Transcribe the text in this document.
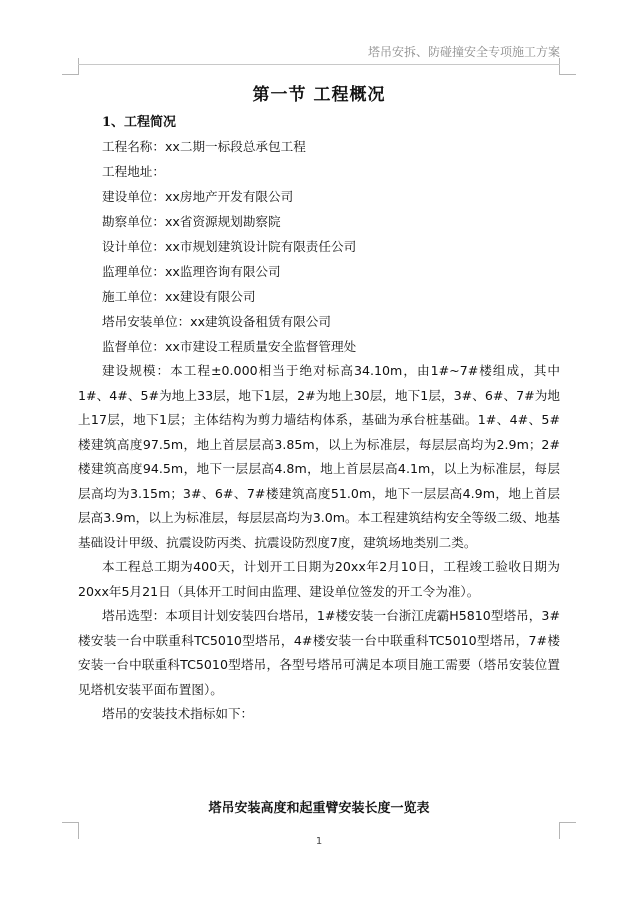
塔吊安拆、防碰撞安全专项施工方案
第一节 工程概况
1、工程简况
工程名称：xx二期一标段总承包工程
工程地址：
建设单位：xx房地产开发有限公司
勘察单位：xx省资源规划勘察院
设计单位：xx市规划建筑设计院有限责任公司
监理单位：xx监理咨询有限公司
施工单位：xx建设有限公司
塔吊安装单位：xx建筑设备租赁有限公司
监督单位：xx市建设工程质量安全监督管理处

建设规模：本工程±0.000相当于绝对标高34.10m，由1#~7#楼组成，其中1#、4#、5#为地上33层，地下1层，2#为地上30层，地下1层，3#、6#、7#为地上17层，地下1层；主体结构为剪力墙结构体系，基础为承台桩基础。1#、4#、5#楼建筑高度97.5m，地上首层层高3.85m，以上为标准层，每层层高均为2.9m；2#楼建筑高度94.5m，地下一层层高4.8m，地上首层层高4.1m，以上为标准层，每层层高均为3.15m；3#、6#、7#楼建筑高度51.0m，地下一层层高4.9m，地上首层层高3.9m，以上为标准层，每层层高均为3.0m。本工程建筑结构安全等级二级、地基基础设计甲级、抗震设防丙类、抗震设防烈度7度，建筑场地类别二类。

本工程总工期为400天，计划开工日期为20xx年2月10日，工程竣工验收日期为20xx年5月21日（具体开工时间由监理、建设单位签发的开工令为准）。

塔吊选型：本项目计划安装四台塔吊，1#楼安装一台浙江虎霸H5810型塔吊，3#楼安装一台中联重科TC5010型塔吊，4#楼安装一台中联重科TC5010型塔吊，7#楼安装一台中联重科TC5010型塔吊，各型号塔吊可满足本项目施工需要（塔吊安装位置见塔机安装平面布置图）。

塔吊的安装技术指标如下：

塔吊安装高度和起重臂安装长度一览表
1
